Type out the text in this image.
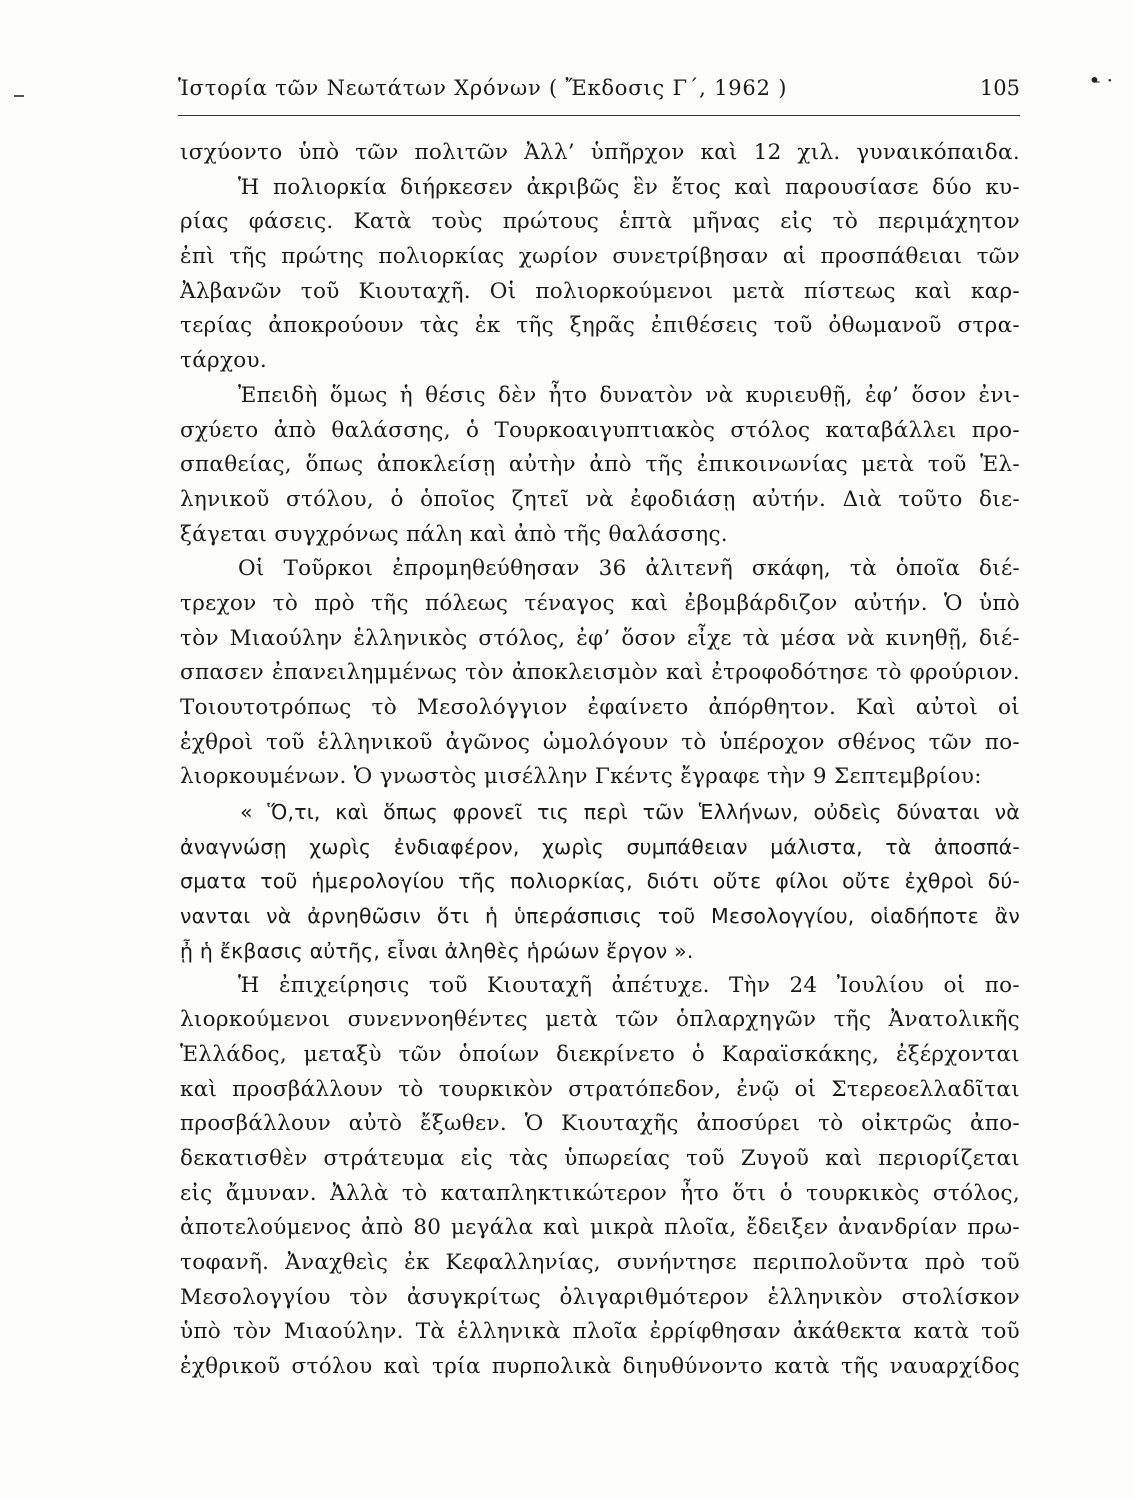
•̵ ·
Ἱστορία τῶν Νεωτάτων Χρόνων ( Ἔκδοσις Γ΄, 1962 )	105
ισχύοντο ὑπὸ τῶν πολιτῶν Ἀλλ’ ὑπῆρχον καὶ 12 χιλ. γυναικόπαιδα.
Ἡ πολιορκία διήρκεσεν ἀκριβῶς ἓν ἔτος καὶ παρουσίασε δύο κυ-
ρίας φάσεις. Κατὰ τοὺς πρώτους ἑπτὰ μῆνας εἰς τὸ περιμάχητον
ἐπὶ τῆς πρώτης πολιορκίας χωρίον συνετρίβησαν αἱ προσπάθειαι τῶν
Ἀλβανῶν τοῦ Κιουταχῆ. Οἱ πολιορκούμενοι μετὰ πίστεως καὶ καρ-
τερίας ἀποκρούουν τὰς ἐκ τῆς ξηρᾶς ἐπιθέσεις τοῦ ὀθωμανοῦ στρα-
τάρχου.
Ἐπειδὴ ὅμως ἡ θέσις δὲν ἦτο δυνατὸν νὰ κυριευθῇ, ἐφ’ ὅσον ἐνι-
σχύετο ἀπὸ θαλάσσης, ὁ Τουρκοαιγυπτιακὸς στόλος καταβάλλει προ-
σπαθείας, ὅπως ἀποκλείσῃ αὐτὴν ἀπὸ τῆς ἐπικοινωνίας μετὰ τοῦ Ἑλ-
ληνικοῦ στόλου, ὁ ὁποῖος ζητεῖ νὰ ἐφοδιάσῃ αὐτήν. Διὰ τοῦτο διε-
ξάγεται συγχρόνως πάλη καὶ ἀπὸ τῆς θαλάσσης.
Οἱ Τοῦρκοι ἐπρομηθεύθησαν 36 ἀλιτενῆ σκάφη, τὰ ὁποῖα διέ-
τρεχον τὸ πρὸ τῆς πόλεως τέναγος καὶ ἐβομβάρδιζον αὐτήν. Ὁ ὑπὸ
τὸν Μιαούλην ἑλληνικὸς στόλος, ἐφ’ ὅσον εἶχε τὰ μέσα νὰ κινηθῇ, διέ-
σπασεν ἐπανειλημμένως τὸν ἀποκλεισμὸν καὶ ἐτροφοδότησε τὸ φρούριον.
Τοιουτοτρόπως τὸ Μεσολόγγιον ἐφαίνετο ἀπόρθητον. Καὶ αὐτοὶ οἱ
ἐχθροὶ τοῦ ἑλληνικοῦ ἀγῶνος ὡμολόγουν τὸ ὑπέροχον σθένος τῶν πο-
λιορκουμένων. Ὁ γνωστὸς μισέλλην Γκέντς ἔγραφε τὴν 9 Σεπτεμβρίου:
« Ὅ,τι, καὶ ὅπως φρονεῖ τις περὶ τῶν Ἑλλήνων, οὐδεὶς δύναται νὰ
ἀναγνώσῃ χωρὶς ἐνδιαφέρον, χωρὶς συμπάθειαν μάλιστα, τὰ ἀποσπά-
σματα τοῦ ἡμερολογίου τῆς πολιορκίας, διότι οὔτε φίλοι οὔτε ἐχθροὶ δύ-
νανται νὰ ἀρνηθῶσιν ὅτι ἡ ὑπεράσπισις τοῦ Μεσολογγίου, οἱαδήποτε ἂν
ᾖ ἡ ἔκβασις αὐτῆς, εἶναι ἀληθὲς ἡρώων ἔργον ».
Ἡ ἐπιχείρησις τοῦ Κιουταχῆ ἀπέτυχε. Τὴν 24 Ἰουλίου οἱ πο-
λιορκούμενοι συνεννοηθέντες μετὰ τῶν ὁπλαρχηγῶν τῆς Ἀνατολικῆς
Ἑλλάδος, μεταξὺ τῶν ὁποίων διεκρίνετο ὁ Καραϊσκάκης, ἐξέρχονται
καὶ προσβάλλουν τὸ τουρκικὸν στρατόπεδον, ἐνῷ οἱ Στερεοελλαδῖται
προσβάλλουν αὐτὸ ἔξωθεν. Ὁ Κιουταχῆς ἀποσύρει τὸ οἰκτρῶς ἀπο-
δεκατισθὲν στράτευμα εἰς τὰς ὑπωρείας τοῦ Ζυγοῦ καὶ περιορίζεται
εἰς ἄμυναν. Ἀλλὰ τὸ καταπληκτικώτερον ἦτο ὅτι ὁ τουρκικὸς στόλος,
ἀποτελούμενος ἀπὸ 80 μεγάλα καὶ μικρὰ πλοῖα, ἔδειξεν ἀνανδρίαν πρω-
τοφανῆ. Ἀναχθεὶς ἐκ Κεφαλληνίας, συνήντησε περιπολοῦντα πρὸ τοῦ
Μεσολογγίου τὸν ἀσυγκρίτως ὀλιγαριθμότερον ἑλληνικὸν στολίσκον
ὑπὸ τὸν Μιαούλην. Τὰ ἑλληνικὰ πλοῖα ἐρρίφθησαν ἀκάθεκτα κατὰ τοῦ
ἐχθρικοῦ στόλου καὶ τρία πυρπολικὰ διηυθύνοντο κατὰ τῆς ναυαρχίδος
